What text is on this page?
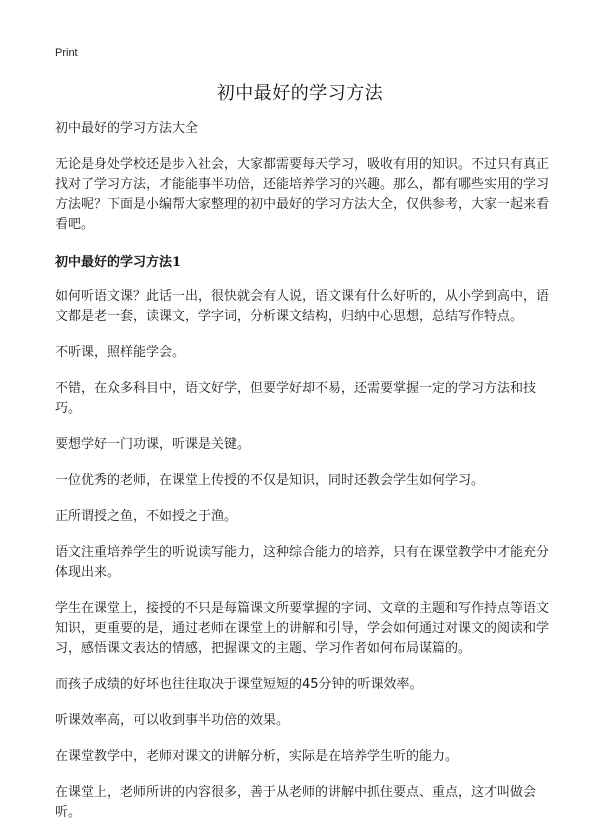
Print
初中最好的学习方法

初中最好的学习方法大全

无论是身处学校还是步入社会，大家都需要每天学习，吸收有用的知识。不过只有真正找对了学习方法，才能能事半功倍，还能培养学习的兴趣。那么，都有哪些实用的学习方法呢？下面是小编帮大家整理的初中最好的学习方法大全，仅供参考，大家一起来看看吧。

初中最好的学习方法1

如何听语文课？此话一出，很快就会有人说，语文课有什么好听的，从小学到高中，语文都是老一套，读课文，学字词，分析课文结构，归纳中心思想，总结写作特点。

不听课，照样能学会。

不错，在众多科目中，语文好学，但要学好却不易，还需要掌握一定的学习方法和技巧。

要想学好一门功课，听课是关键。

一位优秀的老师，在课堂上传授的不仅是知识，同时还教会学生如何学习。

正所谓授之鱼，不如授之于渔。

语文注重培养学生的听说读写能力，这种综合能力的培养，只有在课堂教学中才能充分体现出来。

学生在课堂上，接授的不只是每篇课文所要掌握的字词、文章的主题和写作持点等语文知识，更重要的是，通过老师在课堂上的讲解和引导，学会如何通过对课文的阅读和学习，感悟课文表达的情感，把握课文的主题、学习作者如何布局谋篇的。

而孩子成绩的好坏也往往取决于课堂短短的45分钟的听课效率。

听课效率高，可以收到事半功倍的效果。

在课堂教学中，老师对课文的讲解分析，实际是在培养学生听的能力。

在课堂上，老师所讲的内容很多，善于从老师的讲解中抓住要点、重点，这才叫做会听。
